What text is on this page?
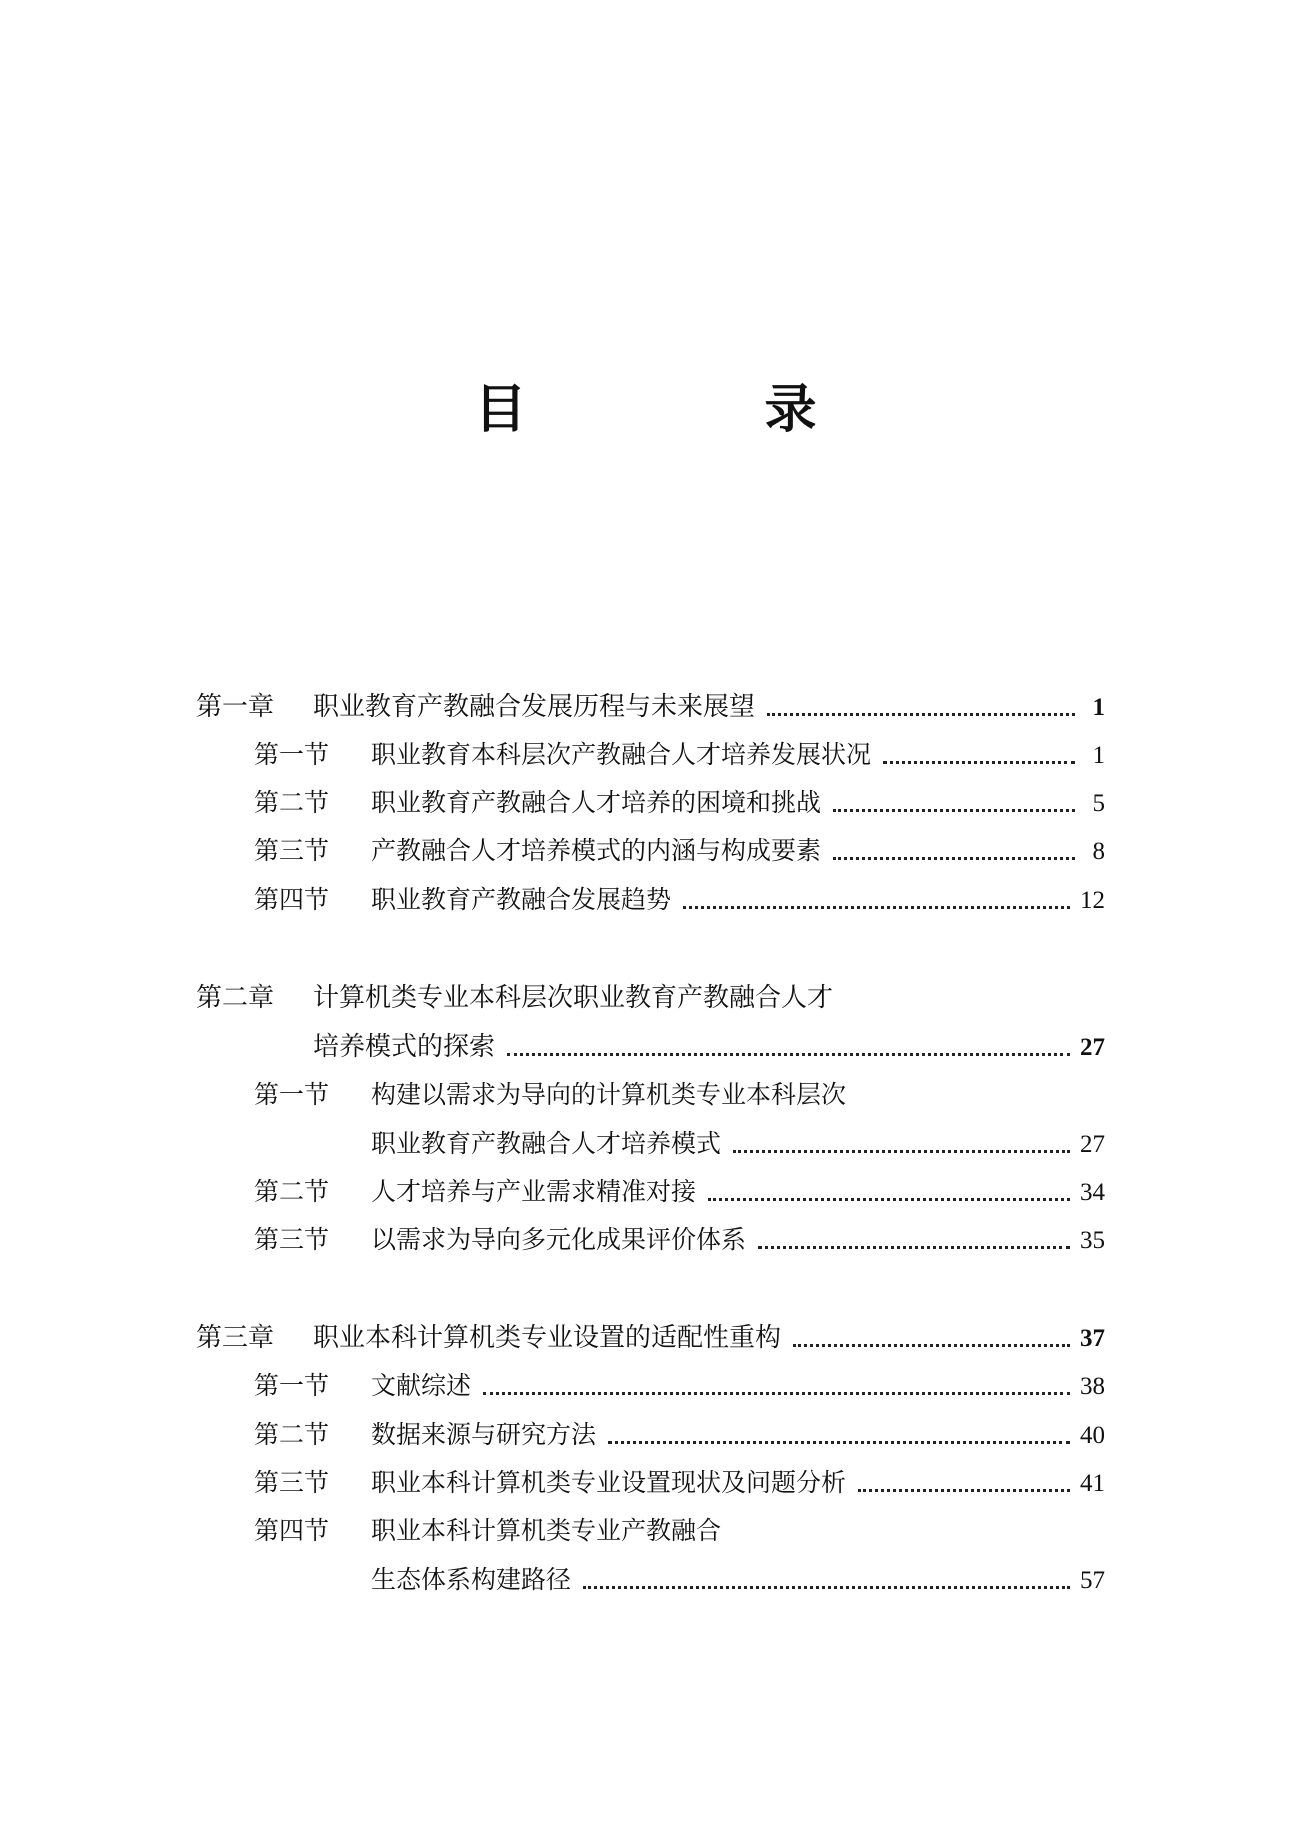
目 录
第一章	职业教育产教融合发展历程与未来展望	1
第一节	职业教育本科层次产教融合人才培养发展状况	1
第二节	职业教育产教融合人才培养的困境和挑战	5
第三节	产教融合人才培养模式的内涵与构成要素	8
第四节	职业教育产教融合发展趋势	12
第二章	计算机类专业本科层次职业教育产教融合人才
培养模式的探索	27
第一节	构建以需求为导向的计算机类专业本科层次
职业教育产教融合人才培养模式	27
第二节	人才培养与产业需求精准对接	34
第三节	以需求为导向多元化成果评价体系	35
第三章	职业本科计算机类专业设置的适配性重构	37
第一节	文献综述	38
第二节	数据来源与研究方法	40
第三节	职业本科计算机类专业设置现状及问题分析	41
第四节	职业本科计算机类专业产教融合
生态体系构建路径	57
